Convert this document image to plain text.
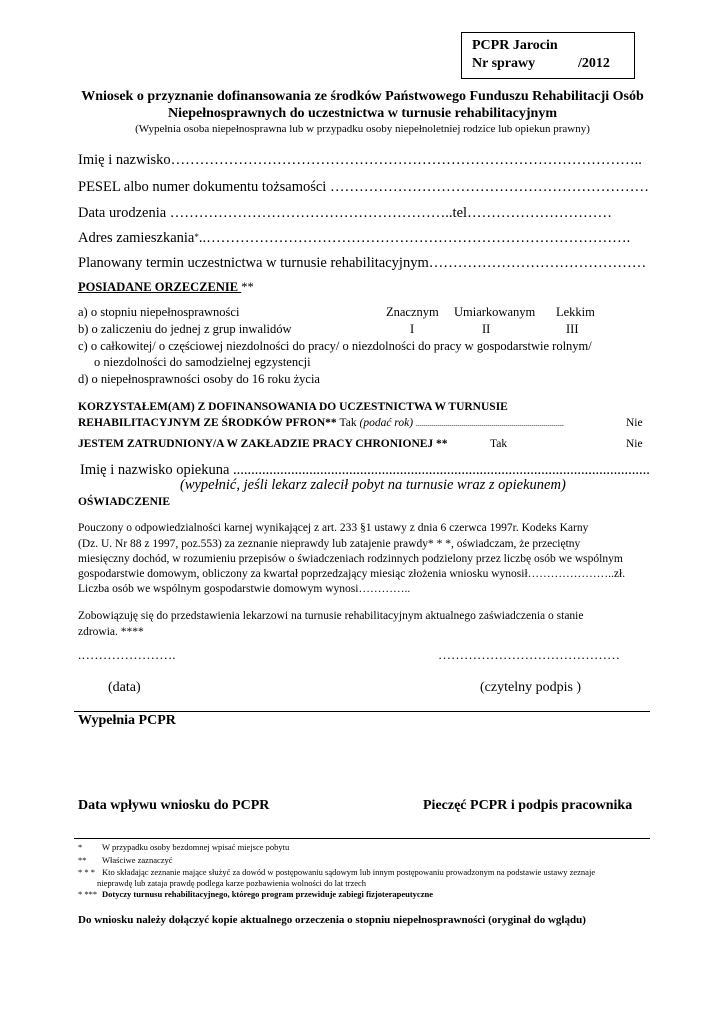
PCPR Jarocin
Nr sprawy	/2012
Wniosek o przyznanie dofinansowania ze środków Państwowego Funduszu Rehabilitacji Osób
Niepełnosprawnych do uczestnictwa w turnusie rehabilitacyjnym
(Wypełnia osoba niepełnosprawna lub w przypadku osoby niepełnoletniej rodzice lub opiekun prawny)
Imię i nazwisko……………………………………………………………………………………..
PESEL albo numer dokumentu tożsamości …………………………………………………………
Data urodzenia …………………………………………………..tel…………………………
Adres zamieszkania*..…………………………………………………………………………….
Planowany termin uczestnictwa w turnusie rehabilitacyjnym………………………………………
POSIADANE ORZECZENIE **
a) o stopniu niepełnosprawności	Znacznym Umiarkowanym Lekkim
b) o zaliczeniu do jednej z grup inwalidów	I	II	III
c) o całkowitej/ o częściowej niezdolności do pracy/ o niezdolności do pracy w gospodarstwie rolnym/
o niezdolności do samodzielnej egzystencji
d) o niepełnosprawności osoby do 16 roku życia
KORZYSTAŁEM(AM) Z DOFINANSOWANIA DO UCZESTNICTWA W TURNUSIE
REHABILITACYJNYM ZE ŚRODKÓW PFRON** Tak (podać rok) ..........................................................................	Nie
JESTEM ZATRUDNIONY/A W ZAKŁADZIE PRACY CHRONIONEJ **	Tak	Nie
Imię i nazwisko opiekuna ...................................................................................................................
(wypełnić, jeśli lekarz zalecił pobyt na turnusie wraz z opiekunem)
OŚWIADCZENIE
Pouczony o odpowiedzialności karnej wynikającej z art. 233 §1 ustawy z dnia 6 czerwca 1997r. Kodeks Karny
(Dz. U. Nr 88 z 1997, poz.553) za zeznanie nieprawdy lub zatajenie prawdy* * *, oświadczam, że przeciętny
miesięczny dochód, w rozumieniu przepisów o świadczeniach rodzinnych podzielony przez liczbę osób we wspólnym
gospodarstwie domowym, obliczony za kwartał poprzedzający miesiąc złożenia wniosku wynosił…………………..zł.
Liczba osób we wspólnym gospodarstwie domowym wynosi…………..
Zobowiązuję się do przedstawienia lekarzowi na turnusie rehabilitacyjnym aktualnego zaświadczenia o stanie
zdrowia. ****
.………………….	……………………………………
(data)	(czytelny podpis )
Wypełnia PCPR
Data wpływu wniosku do PCPR	Pieczęć PCPR i podpis pracownika
* W przypadku osoby bezdomnej wpisać miejsce pobytu
** Właściwe zaznaczyć
* * * Kto składając zeznanie mające służyć za dowód w postępowaniu sądowym lub innym postępowaniu prowadzonym na podstawie ustawy zeznaje
nieprawdę lub zataja prawdę podlega karze pozbawienia wolności do lat trzech
* *** Dotyczy turnusu rehabilitacyjnego, którego program przewiduje zabiegi fizjoterapeutyczne
Do wniosku należy dołączyć kopie aktualnego orzeczenia o stopniu niepełnosprawności (oryginał do wglądu)
